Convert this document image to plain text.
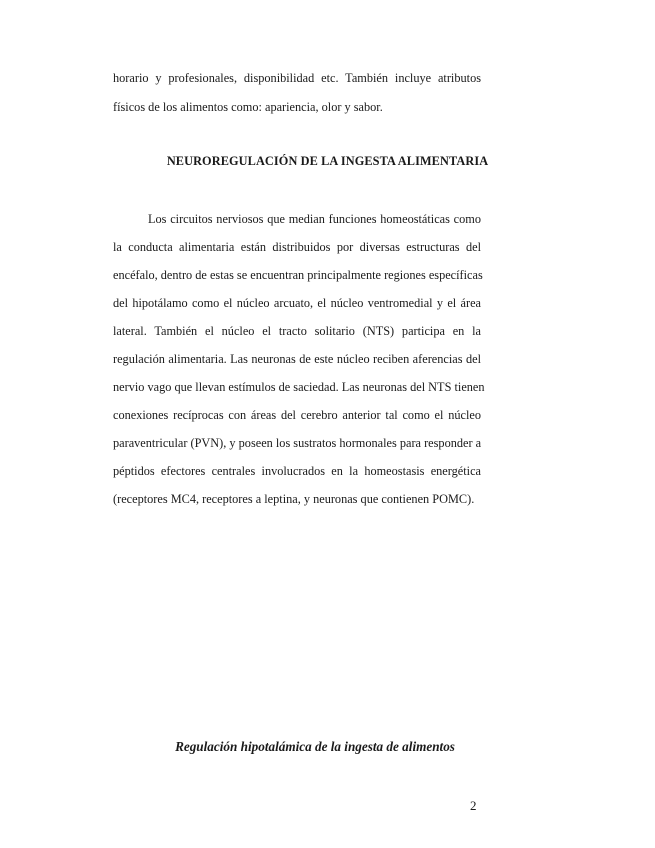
horario y profesionales, disponibilidad etc. También incluye atributos
físicos de los alimentos como: apariencia, olor y sabor.
NEUROREGULACIÓN DE LA INGESTA ALIMENTARIA
Los circuitos nerviosos que median funciones homeostáticas como
la conducta alimentaria están distribuidos por diversas estructuras del
encéfalo, dentro de estas se encuentran principalmente regiones específicas
del hipotálamo como el núcleo arcuato, el núcleo ventromedial y el área
lateral. También el núcleo el tracto solitario (NTS) participa en la
regulación alimentaria. Las neuronas de este núcleo reciben aferencias del
nervio vago que llevan estímulos de saciedad. Las neuronas del NTS tienen
conexiones recíprocas con áreas del cerebro anterior tal como el núcleo
paraventricular (PVN), y poseen los sustratos hormonales para responder a
péptidos efectores centrales involucrados en la homeostasis energética
(receptores MC4, receptores a leptina, y neuronas que contienen POMC).
Regulación hipotalámica de la ingesta de alimentos
2
